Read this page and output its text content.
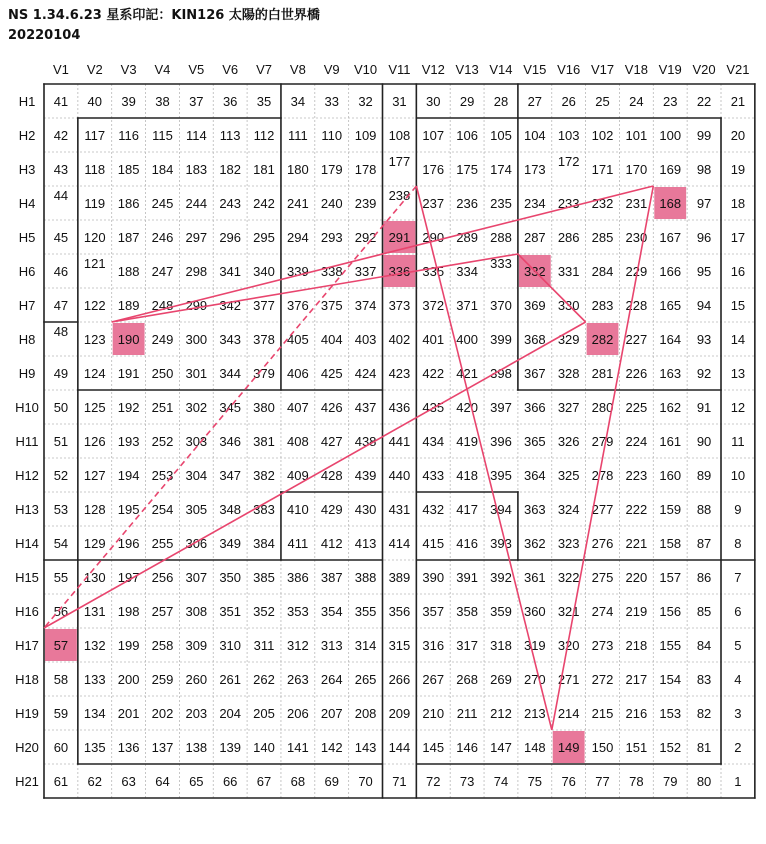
NS 1.34.6.23 星系印記：KIN126 太陽的白世界橋
20220104
V1 V2 V3 V4 V5 V6 V7 V8 V9 V10 V11 V12 V13 V14 V15 V16 V17 V18 V19 V20 V21
H1
H2
H3
H4
H5
H6
H7
H8
H9
H10
H11
H12
H13
H14
H15
H16
H17
H18
H19
H20
H21
41 40 39 38 37 36 35 34 33 32 31 30 29 28 27 26 25 24 23 22 21
42 117 116 115 114 113 112 111 110 109 108 107 106 105 104 103 102 101 100 99 20
43 118 185 184 183 182 181 180 179 178
177
176 175 174 173
172
171 170 169 98 19
44
119 186 245 244 243 242 241 240 239
238
237 236 235 234 233 232 231 168 97 18
45 120 187 246 297 296 295 294 293 292 291 290 289 288 287 286 285 230 167 96 17
46
121
188 247 298 341 340 339 338 337 336 335 334
333
332 331 284 229 166 95 16
47 122 189 248 299 342 377 376 375 374 373 372 371 370 369 330 283 228 165 94 15
48
123 190 249 300 343 378 405 404 403 402 401 400 399 368 329 282 227 164 93 14
49 124 191 250 301 344 379 406 425 424 423 422 421 398 367 328 281 226 163 92 13
50 125 192 251 302 345 380 407 426 437 436 435 420 397 366 327 280 225 162 91 12
51 126 193 252 303 346 381 408 427 438 441 434 419 396 365 326 279 224 161 90 11
52 127 194 253 304 347 382 409 428 439 440 433 418 395 364 325 278 223 160 89 10
53 128 195 254 305 348 383 410 429 430 431 432 417 394 363 324 277 222 159 88 9
54 129 196 255 306 349 384 411 412 413 414 415 416 393 362 323 276 221 158 87 8
55 130 197 256 307 350 385 386 387 388 389 390 391 392 361 322 275 220 157 86 7
56 131 198 257 308 351 352 353 354 355 356 357 358 359 360 321 274 219 156 85 6
57 132 199 258 309 310 311 312 313 314 315 316 317 318 319 320 273 218 155 84 5
58 133 200 259 260 261 262 263 264 265 266 267 268 269 270 271 272 217 154 83 4
59 134 201 202 203 204 205 206 207 208 209 210 211 212 213 214 215 216 153 82 3
60 135 136 137 138 139 140 141 142 143 144 145 146 147 148 149 150 151 152 81 2
61 62 63 64 65 66 67 68 69 70 71 72 73 74 75 76 77 78 79 80 1
